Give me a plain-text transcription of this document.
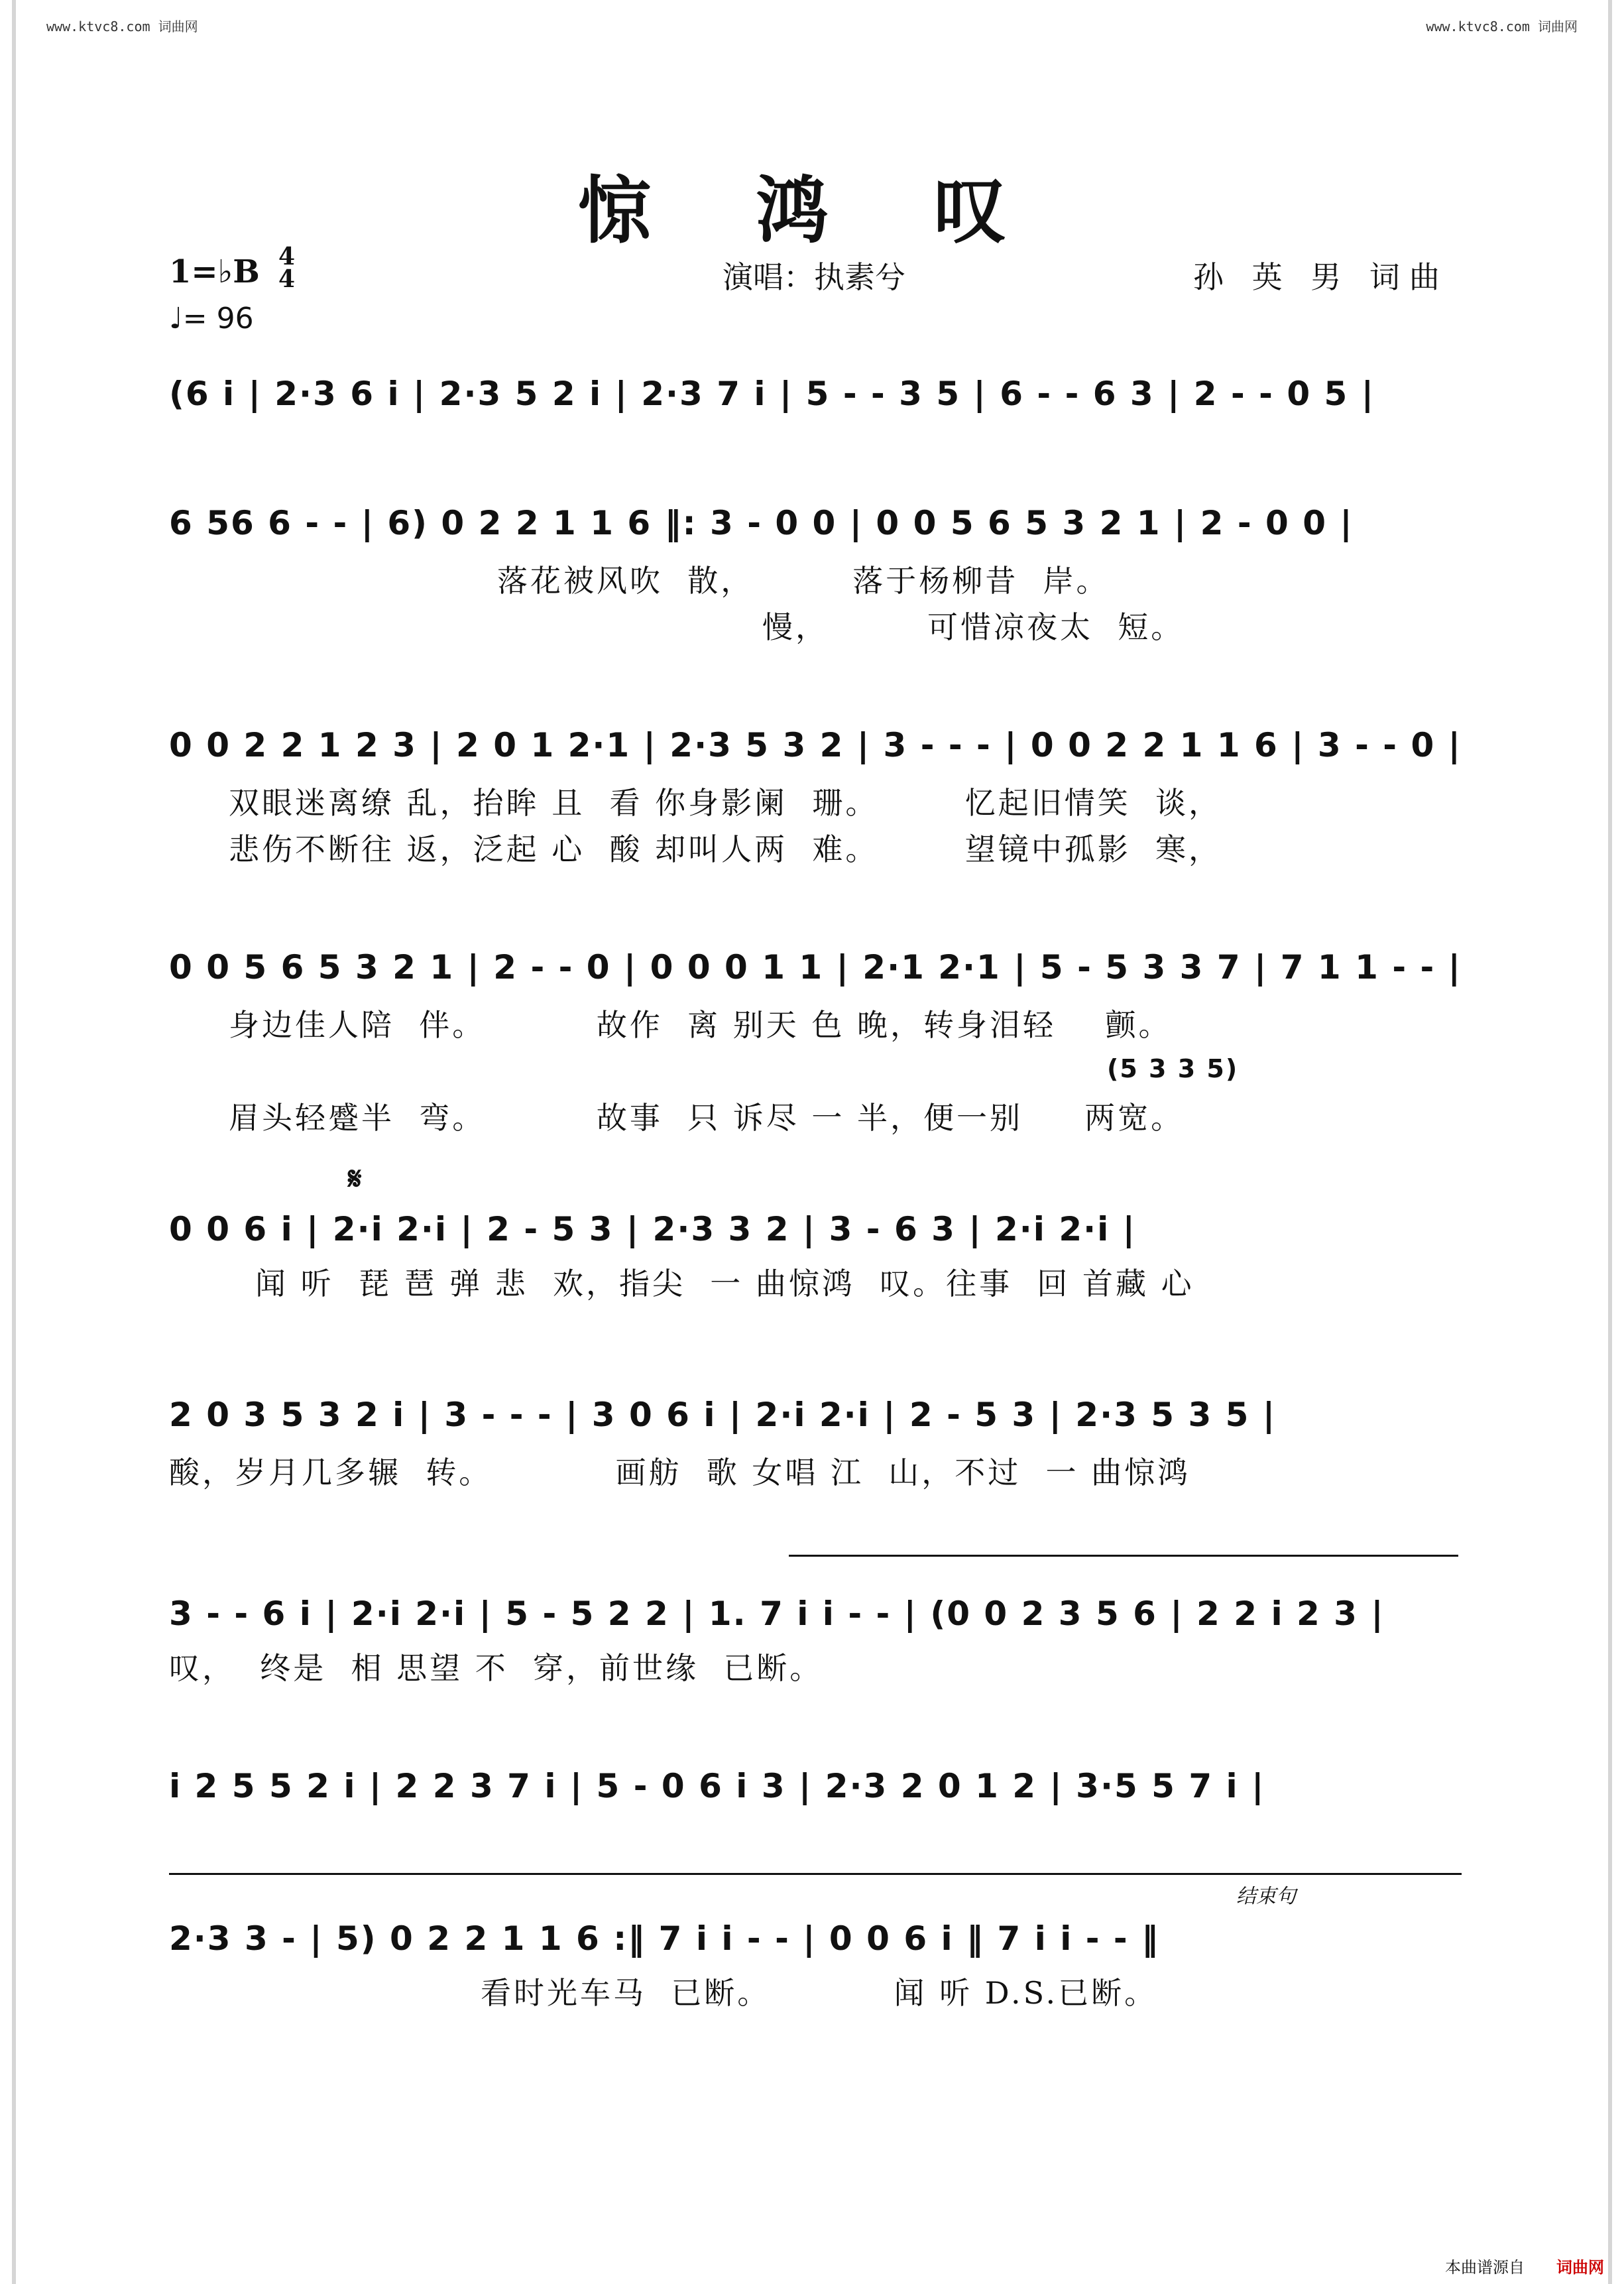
www.ktvc8.com 词曲网	www.ktvc8.com 词曲网
惊 鸿 叹
1=♭B 4
4
♩= 96
演唱：执素兮	孙 英 男 词曲
(6 i | 2·3 6 i | 2·3 5 2 i | 2·3 7 i | 5 - - 3 5 | 6 - - 6 3 | 2 - - 0 5 |
6 56 6 - - | 6) 0 2 2 1 1 6 ‖: 3 - 0 0 | 0 0 5 6 5 3 2 1 | 2 - 0 0 |
落花被风吹  散，        落于杨柳昔  岸。
慢，        可惜凉夜太  短。
0 0 2 2 1 2 3 | 2 0 1 2·1 | 2·3 5 3 2 | 3 - - - | 0 0 2 2 1 1 6 | 3 - - 0 |
双眼迷离缭 乱，抬眸 且  看 你身影阑  珊。       忆起旧情笑  谈，
悲伤不断往 返，泛起 心  酸 却叫人两  难。       望镜中孤影  寒，
0 0 5 6 5 3 2 1 | 2 - - 0 | 0 0 0 1 1 | 2·1 2·1 | 5 - 5 3 3 7 | 7 1 1 - - |
身边佳人陪  伴。         故作  离 别天 色 晚，转身泪轻    颤。
(5 3 3 5)
眉头轻蹙半  弯。         故事  只 诉尽 一 半，便一别     两宽。
𝄋
0 0 6 i | 2·i 2·i | 2 - 5 3 | 2·3 3 2 | 3 - 6 3 | 2·i 2·i |
闻 听  琵 琶 弹 悲  欢，指尖  一 曲惊鸿  叹。往事  回 首藏 心
2 0 3 5 3 2 i | 3 - - - | 3 0 6 i | 2·i 2·i | 2 - 5 3 | 2·3 5 3 5 |
酸，岁月几多辗  转。          画舫  歌 女唱 江  山，不过  一 曲惊鸿
3 - - 6 i | 2·i 2·i | 5 - 5 2 2 | 1. 7 i i - - | (0 0 2 3 5 6 | 2 2 i 2 3 |
叹，  终是  相 思望 不  穿，前世缘  已断。
i 2 5 5 2 i | 2 2 3 7 i | 5 - 0 6 i 3 | 2·3 2 0 1 2 | 3·5 5 7 i |
结束句
2·3 3 - | 5) 0 2 2 1 1 6 :‖ 7 i i - - | 0 0 6 i ‖ 7 i i - - ‖
看时光车马  已断。          闻 听 D.S.已断。
本曲谱源自 词曲网
